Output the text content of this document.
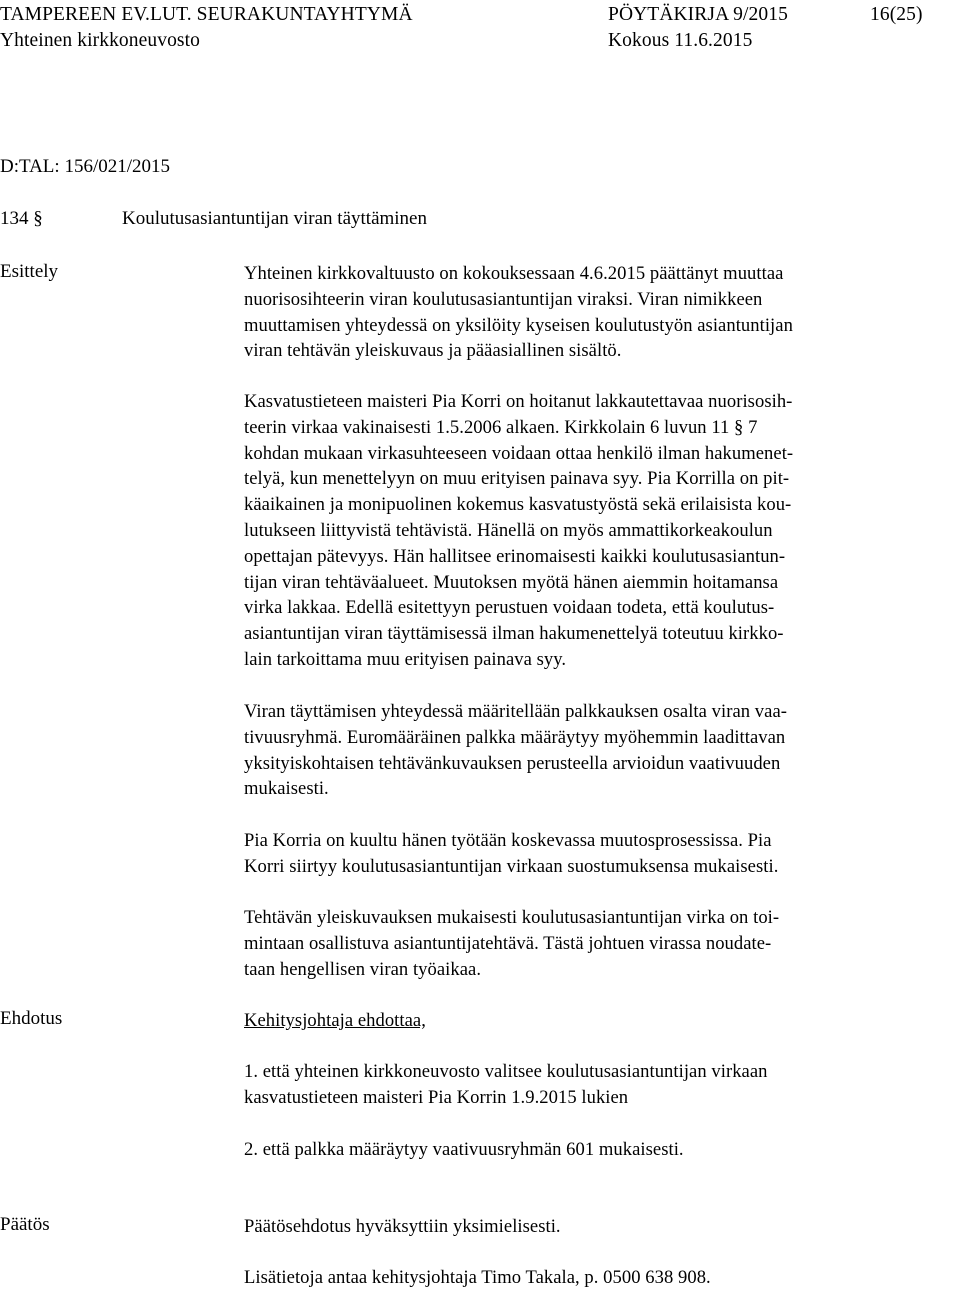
TAMPEREEN EV.LUT. SEURAKUNTAYHTYMÄ	PÖYTÄKIRJA 9/2015	16(25)
Yhteinen kirkkoneuvosto	Kokous 11.6.2015
D:TAL: 156/021/2015
134 §	Koulutusasiantuntijan viran täyttäminen
Esittely	Yhteinen kirkkovaltuusto on kokouksessaan 4.6.2015 päättänyt muuttaa
nuorisosihteerin viran koulutusasiantuntijan viraksi. Viran nimikkeen
muuttamisen yhteydessä on yksilöity kyseisen koulutustyön asiantuntijan
viran tehtävän yleiskuvaus ja pääasiallinen sisältö.
Kasvatustieteen maisteri Pia Korri on hoitanut lakkautettavaa nuorisosih-
teerin virkaa vakinaisesti 1.5.2006 alkaen. Kirkkolain 6 luvun 11 § 7
kohdan mukaan virkasuhteeseen voidaan ottaa henkilö ilman hakumenet-
telyä, kun menettelyyn on muu erityisen painava syy. Pia Korrilla on pit-
käaikainen ja monipuolinen kokemus kasvatustyöstä sekä erilaisista kou-
lutukseen liittyvistä tehtävistä. Hänellä on myös ammattikorkeakoulun
opettajan pätevyys. Hän hallitsee erinomaisesti kaikki koulutusasiantun-
tijan viran tehtäväalueet. Muutoksen myötä hänen aiemmin hoitamansa
virka lakkaa. Edellä esitettyyn perustuen voidaan todeta, että koulutus-
asiantuntijan viran täyttämisessä ilman hakumenettelyä toteutuu kirkko-
lain tarkoittama muu erityisen painava syy.
Viran täyttämisen yhteydessä määritellään palkkauksen osalta viran vaa-
tivuusryhmä. Euromääräinen palkka määräytyy myöhemmin laadittavan
yksityiskohtaisen tehtävänkuvauksen perusteella arvioidun vaativuuden
mukaisesti.
Pia Korria on kuultu hänen työtään koskevassa muutosprosessissa. Pia
Korri siirtyy koulutusasiantuntijan virkaan suostumuksensa mukaisesti.
Tehtävän yleiskuvauksen mukaisesti koulutusasiantuntijan virka on toi-
mintaan osallistuva asiantuntijatehtävä. Tästä johtuen virassa noudate-
taan hengellisen viran työaikaa.
Ehdotus	Kehitysjohtaja ehdottaa,
1. että yhteinen kirkkoneuvosto valitsee koulutusasiantuntijan virkaan
kasvatustieteen maisteri Pia Korrin 1.9.2015 lukien
2. että palkka määräytyy vaativuusryhmän 601 mukaisesti.
Päätös	Päätösehdotus hyväksyttiin yksimielisesti.
Lisätietoja antaa kehitysjohtaja Timo Takala, p. 0500 638 908.
